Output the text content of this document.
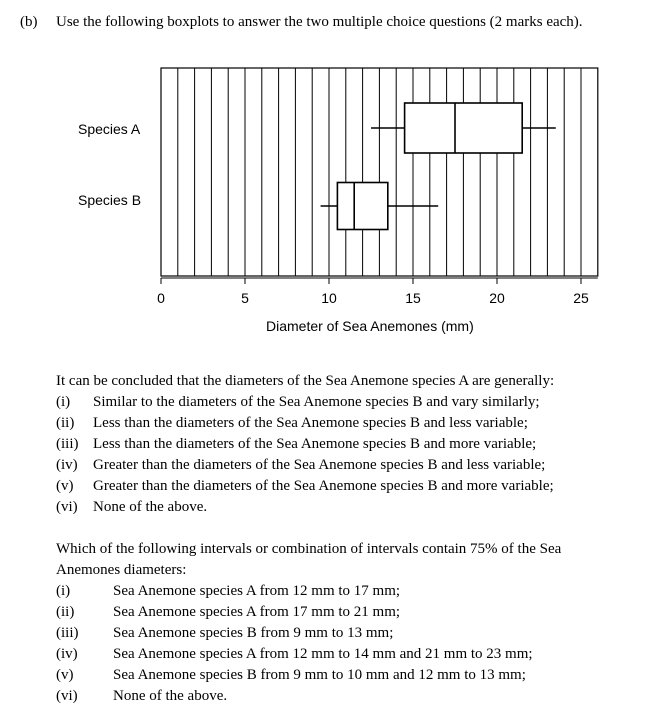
(b) Use the following boxplots to answer the two multiple choice questions (2 marks each).
0	5	10	15	20	25
Species A
Species B
Diameter of Sea Anemones (mm)
It can be concluded that the diameters of the Sea Anemone species A are generally:
(i) Similar to the diameters of the Sea Anemone species B and vary similarly;
(ii) Less than the diameters of the Sea Anemone species B and less variable;
(iii) Less than the diameters of the Sea Anemone species B and more variable;
(iv) Greater than the diameters of the Sea Anemone species B and less variable;
(v) Greater than the diameters of the Sea Anemone species B and more variable;
(vi) None of the above.
Which of the following intervals or combination of intervals contain 75% of the Sea
Anemones diameters:
(i)	Sea Anemone species A from 12 mm to 17 mm;
(ii)	Sea Anemone species A from 17 mm to 21 mm;
(iii) Sea Anemone species B from 9 mm to 13 mm;
(iv) Sea Anemone species A from 12 mm to 14 mm and 21 mm to 23 mm;
(v)	Sea Anemone species B from 9 mm to 10 mm and 12 mm to 13 mm;
(vi) None of the above.
